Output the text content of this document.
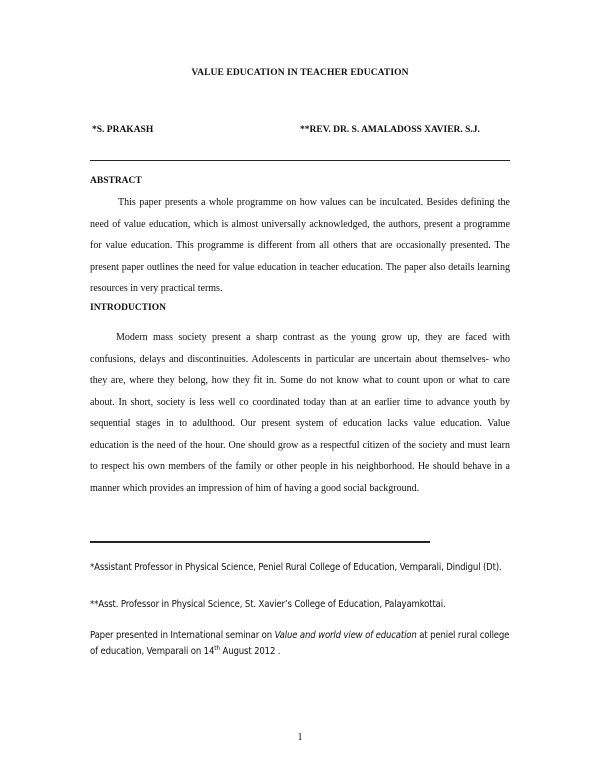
VALUE EDUCATION IN TEACHER EDUCATION
*S. PRAKASH	**REV. DR. S. AMALADOSS XAVIER. S.J.
ABSTRACT

This paper presents a whole programme on how values can be inculcated. Besides defining the need of value education, which is almost universally acknowledged, the authors, present a programme for value education. This programme is different from all others that are occasionally presented. The present paper outlines the need for value education in teacher education. The paper also details learning resources in very practical terms.

INTRODUCTION

Modern mass society present a sharp contrast as the young grow up, they are faced with confusions, delays and discontinuities. Adolescents in particular are uncertain about themselves- who they are, where they belong, how they fit in. Some do not know what to count upon or what to care about. In short, society is less well co coordinated today than at an earlier time to advance youth by sequential stages in to adulthood. Our present system of education lacks value education. Value education is the need of the hour. One should grow as a respectful citizen of the society and must learn to respect his own members of the family or other people in his neighborhood. He should behave in a manner which provides an impression of him of having a good social background.

*Assistant Professor in Physical Science, Peniel Rural College of Education, Vemparali, Dindigul (Dt).

**Asst. Professor in Physical Science, St. Xavier’s College of Education, Palayamkottai.

Paper presented in International seminar on Value and world view of education at peniel rural college of education, Vemparali on 14th August 2012 .

1
